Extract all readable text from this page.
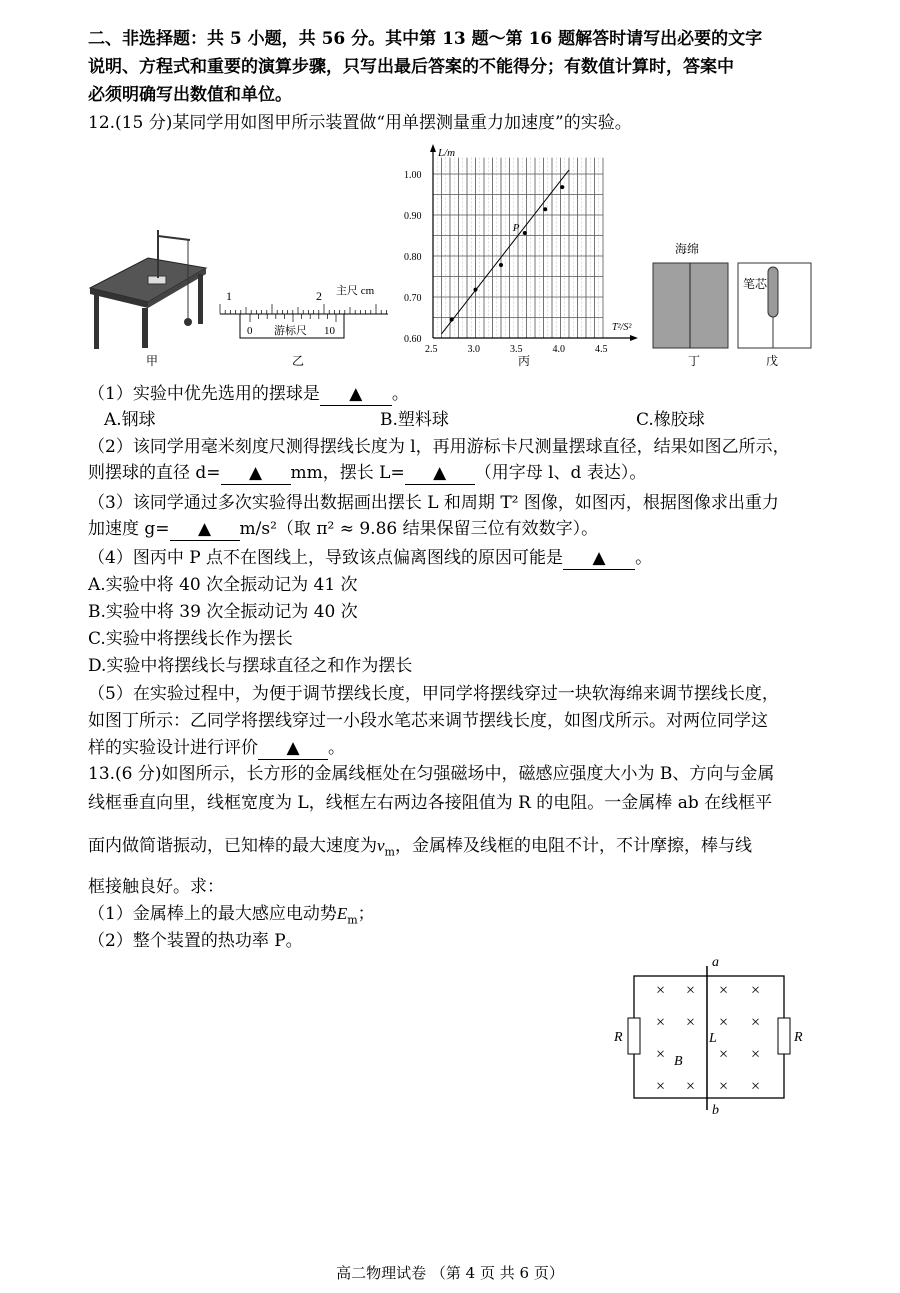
二、非选择题：共 5 小题，共 56 分。其中第 13 题～第 16 题解答时请写出必要的文字
说明、方程式和重要的演算步骤，只写出最后答案的不能得分；有数值计算时，答案中
必须明确写出数值和单位。
12.(15 分)某同学用如图甲所示装置做“用单摆测量重力加速度”的实验。
甲
1	2 主尺 cm
0 游标尺 10
乙
L/m
T²/S²
1.00
0.90
0.80
0.70
0.60
2.5	3.0	3.5	4.0	4.5
P
丙
海绵
丁
笔芯
戊
（1）实验中优先选用的摆球是 ▲ 。
A.钢球	B.塑料球	C.橡胶球
（2）该同学用毫米刻度尺测得摆线长度为 l，再用游标卡尺测量摆球直径，结果如图乙所示，
则摆球的直径 d= ▲ mm，摆长 L= ▲ （用字母 l、d 表达）。
（3）该同学通过多次实验得出数据画出摆长 L 和周期 T² 图像，如图丙，根据图像求出重力
加速度 g= ▲ m/s²（取 π² ≈ 9.86 结果保留三位有效数字）。
（4）图丙中 P 点不在图线上，导致该点偏离图线的原因可能是 ▲ 。
A.实验中将 40 次全振动记为 41 次
B.实验中将 39 次全振动记为 40 次
C.实验中将摆线长作为摆长
D.实验中将摆线长与摆球直径之和作为摆长
（5）在实验过程中，为便于调节摆线长度，甲同学将摆线穿过一块软海绵来调节摆线长度，
如图丁所示：乙同学将摆线穿过一小段水笔芯来调节摆线长度，如图戊所示。对两位同学这
样的实验设计进行评价 ▲ 。
13.(6 分)如图所示，长方形的金属线框处在匀强磁场中，磁感应强度大小为 B、方向与金属
线框垂直向里，线框宽度为 L，线框左右两边各接阻值为 R 的电阻。一金属棒 ab 在线框平
面内做简谐振动，已知棒的最大速度为$v_m$，金属棒及线框的电阻不计，不计摩擦，棒与线
框接触良好。求：
（1）金属棒上的最大感应电动势$E_m$；
（2）整个装置的热功率 P。
a
b
R	R
L
B
× × × ×
× × × ×
×	× ×
× × × ×
高二物理试卷 （第 4 页 共 6 页）
